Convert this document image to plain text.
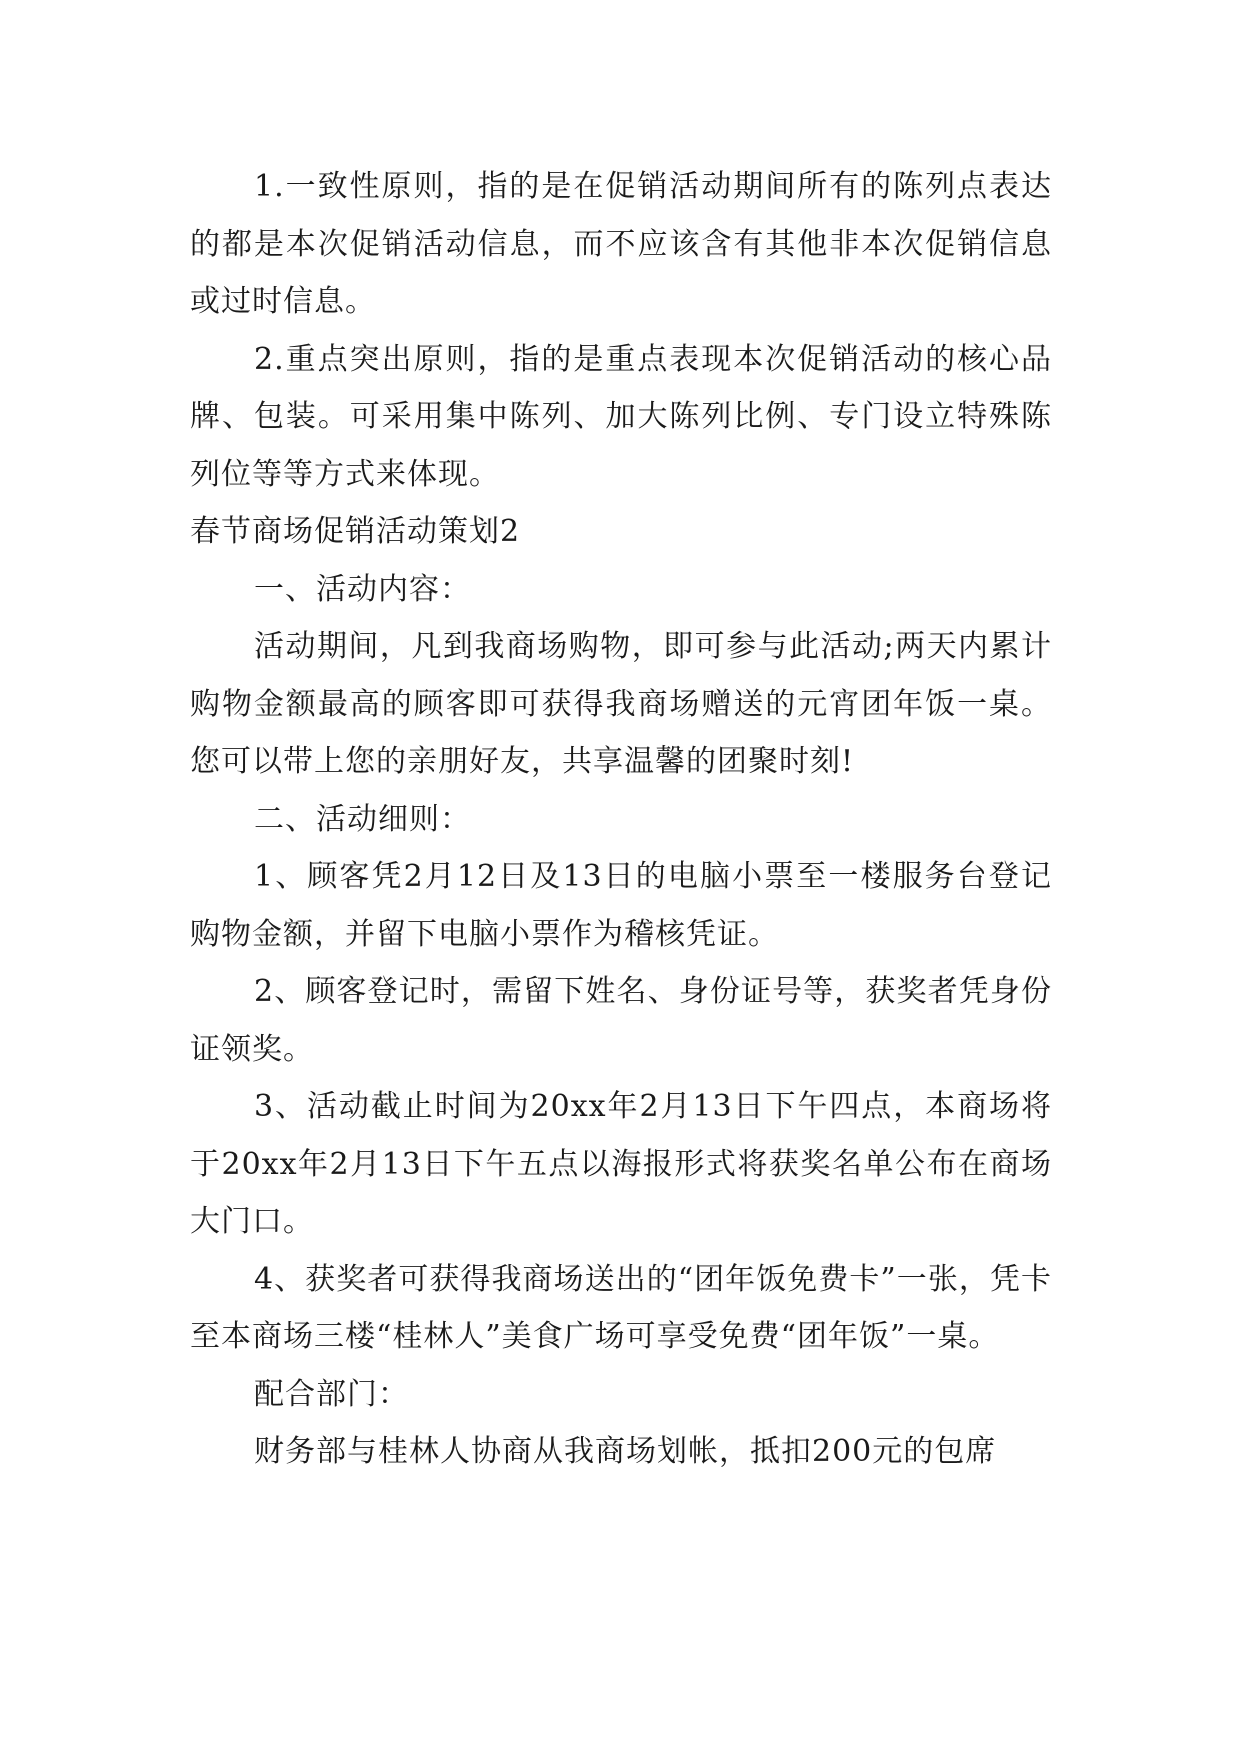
1.一致性原则，指的是在促销活动期间所有的陈列点表达的都是本次促销活动信息，而不应该含有其他非本次促销信息或过时信息。

2.重点突出原则，指的是重点表现本次促销活动的核心品牌、包装。可采用集中陈列、加大陈列比例、专门设立特殊陈列位等等方式来体现。

春节商场促销活动策划2

一、活动内容：

活动期间，凡到我商场购物，即可参与此活动;两天内累计购物金额最高的顾客即可获得我商场赠送的元宵团年饭一桌。您可以带上您的亲朋好友，共享温馨的团聚时刻!

二、活动细则：

1、顾客凭2月12日及13日的电脑小票至一楼服务台登记购物金额，并留下电脑小票作为稽核凭证。

2、顾客登记时，需留下姓名、身份证号等，获奖者凭身份证领奖。

3、活动截止时间为20xx年2月13日下午四点，本商场将于20xx年2月13日下午五点以海报形式将获奖名单公布在商场大门口。

4、获奖者可获得我商场送出的“团年饭免费卡”一张，凭卡至本商场三楼“桂林人”美食广场可享受免费“团年饭”一桌。

配合部门：

财务部与桂林人协商从我商场划帐，抵扣200元的包席
